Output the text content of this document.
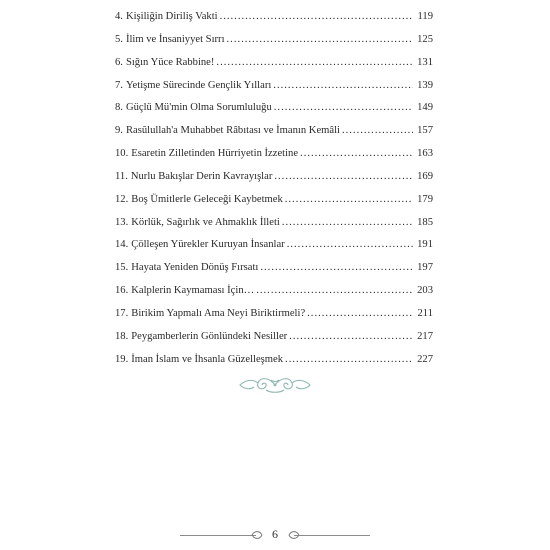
4. Kişiliğin Diriliş Vakti .....	119
5. İlim ve İnsaniyyet Sırrı .....	125
6. Sığın Yüce Rabbine! .....	131
7. Yetişme Sürecinde Gençlik Yılları .....	139
8. Güçlü Mü'min Olma Sorumluluğu .....	149
9. Rasûlullah'a Muhabbet Râbıtası ve İmanın Kemâli .....	157
10. Esaretin Zilletinden Hürriyetin İzzetine .....	163
11. Nurlu Bakışlar Derin Kavrayışlar .....	169
12. Boş Ümitlerle Geleceği Kaybetmek .....	179
13. Körlük, Sağırlık ve Ahmaklık İlleti .....	185
14. Çölleşen Yürekler Kuruyan İnsanlar .....	191
15. Hayata Yeniden Dönüş Fırsatı .....	197
16. Kalplerin Kaymaması İçin… .....	203
17. Birikim Yapmalı Ama Neyi Biriktirmeli? .....	211
18. Peygamberlerin Gönlündeki Nesiller .....	217
19. İman İslam ve İhsanla Güzelleşmek .....	227
6
